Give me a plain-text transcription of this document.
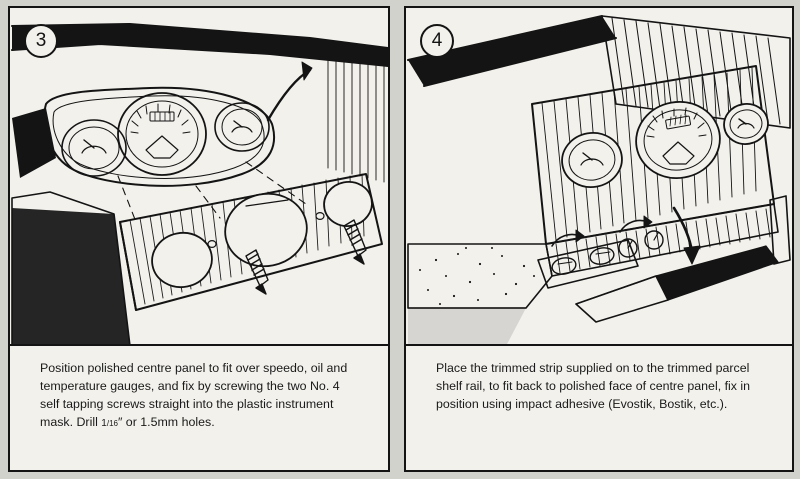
3

Position polished centre panel to fit over speedo, oil and temperature gauges, and fix by screwing the two No. 4 self tapping screws straight into the plastic instrument mask. Drill 1/16″ or 1.5mm holes.

4

Place the trimmed strip supplied on to the trimmed parcel shelf rail, to fit back to polished face of centre panel, fix in position using impact adhesive (Evostik, Bostik, etc.).
